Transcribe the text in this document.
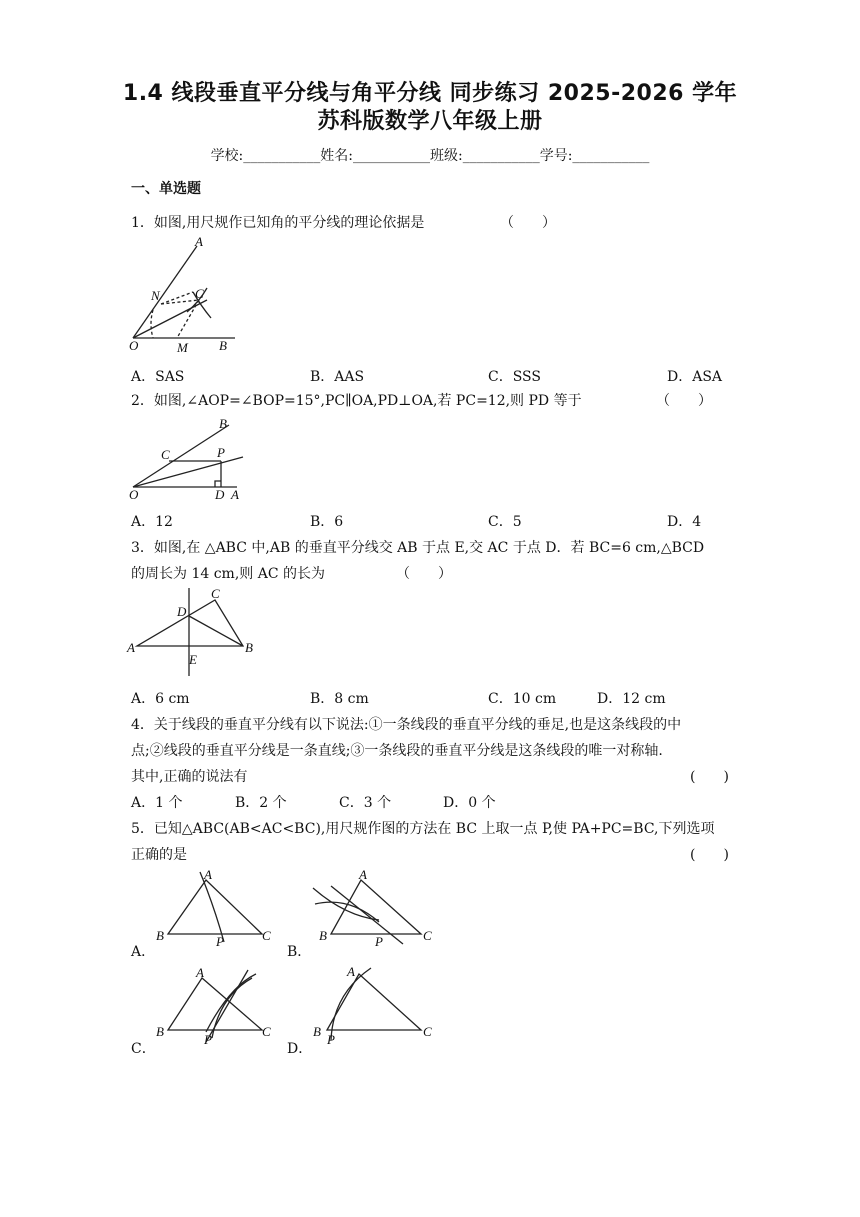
1.4 线段垂直平分线与角平分线 同步练习 2025-2026 学年
苏科版数学八年级上册
学校:___________姓名:___________班级:___________学号:___________
一、单选题
1．如图,用尺规作已知角的平分线的理论依据是	（　　）
A
N	C
O	M B
A．SAS	B．AAS	C．SSS	D．ASA
2．如图,∠AOP=∠BOP=15°,PC∥OA,PD⊥OA,若 PC=12,则 PD 等于	（　　）
B
C	P
O	D A
A．12	B．6	C．5	D．4
3．如图,在 △ABC 中,AB 的垂直平分线交 AB 于点 E,交 AC 于点 D．若 BC=6 cm,△BCD
的周长为 14 cm,则 AC 的长为	（　　）
C
D
A	B
E
A．6 cm	B．8 cm	C．10 cm	D．12 cm
4．关于线段的垂直平分线有以下说法:①一条线段的垂直平分线的垂足,也是这条线段的中
点;②线段的垂直平分线是一条直线;③一条线段的垂直平分线是这条线段的唯一对称轴.
其中,正确的说法有	(　　)
A．1 个	B．2 个	C．3 个	D．0 个
5．已知△ABC(AB<AC<BC),用尺规作图的方法在 BC 上取一点 P,使 PA+PC=BC,下列选项
正确的是	(　　)
A．
A
B	P	C
B．
A
B	P	C
C．
A
B
P
C
D．
A
B
P
C
